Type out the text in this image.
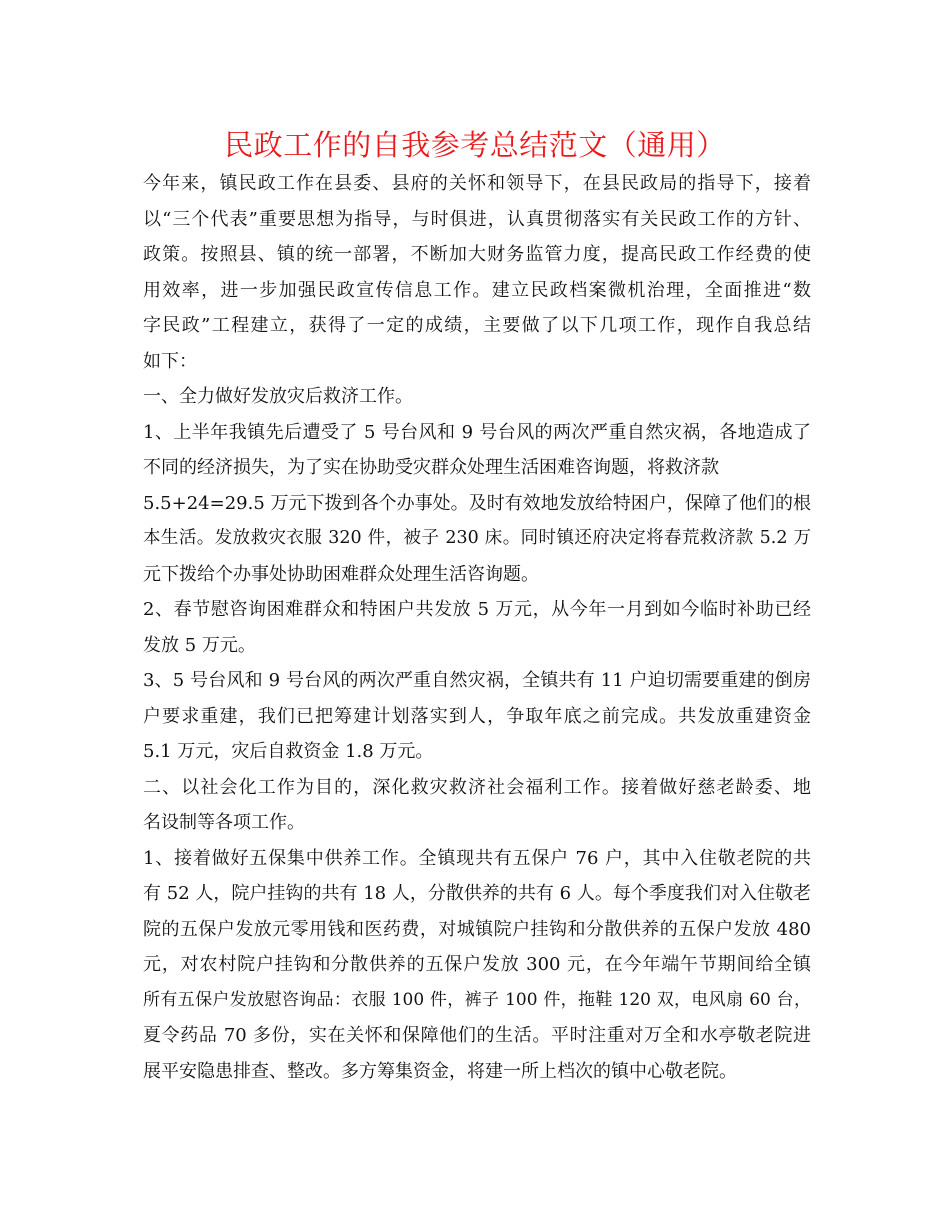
民政工作的自我参考总结范文（通用）
今年来，镇民政工作在县委、县府的关怀和领导下，在县民政局的指导下，接着
以“三个代表”重要思想为指导，与时俱进，认真贯彻落实有关民政工作的方针、
政策。按照县、镇的统一部署，不断加大财务监管力度，提高民政工作经费的使
用效率，进一步加强民政宣传信息工作。建立民政档案微机治理，全面推进“数
字民政”工程建立，获得了一定的成绩，主要做了以下几项工作，现作自我总结
如下：
一、全力做好发放灾后救济工作。
1、上半年我镇先后遭受了 5 号台风和 9 号台风的两次严重自然灾祸，各地造成了
不同的经济损失，为了实在协助受灾群众处理生活困难咨询题，将救济款
5.5+24=29.5 万元下拨到各个办事处。及时有效地发放给特困户，保障了他们的根
本生活。发放救灾衣服 320 件，被子 230 床。同时镇还府决定将春荒救济款 5.2 万
元下拨给个办事处协助困难群众处理生活咨询题。
2、春节慰咨询困难群众和特困户共发放 5 万元，从今年一月到如今临时补助已经
发放 5 万元。
3、5 号台风和 9 号台风的两次严重自然灾祸，全镇共有 11 户迫切需要重建的倒房
户要求重建，我们已把筹建计划落实到人，争取年底之前完成。共发放重建资金
5.1 万元，灾后自救资金 1.8 万元。
二、以社会化工作为目的，深化救灾救济社会福利工作。接着做好慈老龄委、地
名设制等各项工作。
1、接着做好五保集中供养工作。全镇现共有五保户 76 户，其中入住敬老院的共
有 52 人，院户挂钩的共有 18 人，分散供养的共有 6 人。每个季度我们对入住敬老
院的五保户发放元零用钱和医药费，对城镇院户挂钩和分散供养的五保户发放 480
元，对农村院户挂钩和分散供养的五保户发放 300 元，在今年端午节期间给全镇
所有五保户发放慰咨询品：衣服 100 件，裤子 100 件，拖鞋 120 双，电风扇 60 台，
夏令药品 70 多份，实在关怀和保障他们的生活。平时注重对万全和水亭敬老院进
展平安隐患排查、整改。多方筹集资金，将建一所上档次的镇中心敬老院。
